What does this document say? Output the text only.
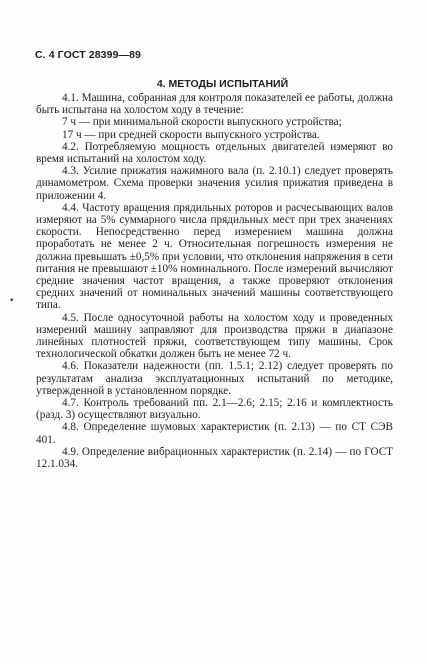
С. 4 ГОСТ 28399—89
4. МЕТОДЫ ИСПЫТАНИЙ
•

4.1. Машина, собранная для контроля показателей ее работы, должна быть испытана на холостом ходу в течение:

7 ч — при минимальной скорости выпускного устройства;

17 ч — при средней скорости выпускного устройства.

4.2. Потребляемую мощность отдельных двигателей измеряют во время испытаний на холостом ходу.

4.3. Усилие прижатия нажимного вала (п. 2.10.1) следует проверять динамометром. Схема проверки значения усилия прижатия приведена в приложении 4.

4.4. Частоту вращения прядильных роторов и расчесывающих валов измеряют на 5% суммарного числа прядильных мест при трех значениях скорости. Непосредственно перед измерением машина должна проработать не менее 2 ч. Относительная погрешность измерения не должна превышать ±0,5% при условии, что отклонения напряжения в сети питания не превышают ±10% номинального. После измерений вычисляют средние значения частот вращения, а также проверяют отклонения средних значений от номинальных значений машины соответствующего типа.

4.5. После односуточной работы на холостом ходу и проведенных измерений машину заправляют для производства пряжи в диапазоне линейных плотностей пряжи, соответствующем типу машины. Срок технологической обкатки должен быть не менее 72 ч.

4.6. Показатели надежности (пп. 1.5.1; 2.12) следует проверять по результатам анализа эксплуатационных испытаний по методике, утвержденной в установленном порядке.

4.7. Контроль требований пп. 2.1—2.6; 2.15; 2.16 и комплектность (разд. 3) осуществляют визуально.

4.8. Определение шумовых характеристик (п. 2.13) — по СТ СЭВ 401.

4.9. Определение вибрационных характеристик (п. 2.14) — по ГОСТ 12.1.034.
